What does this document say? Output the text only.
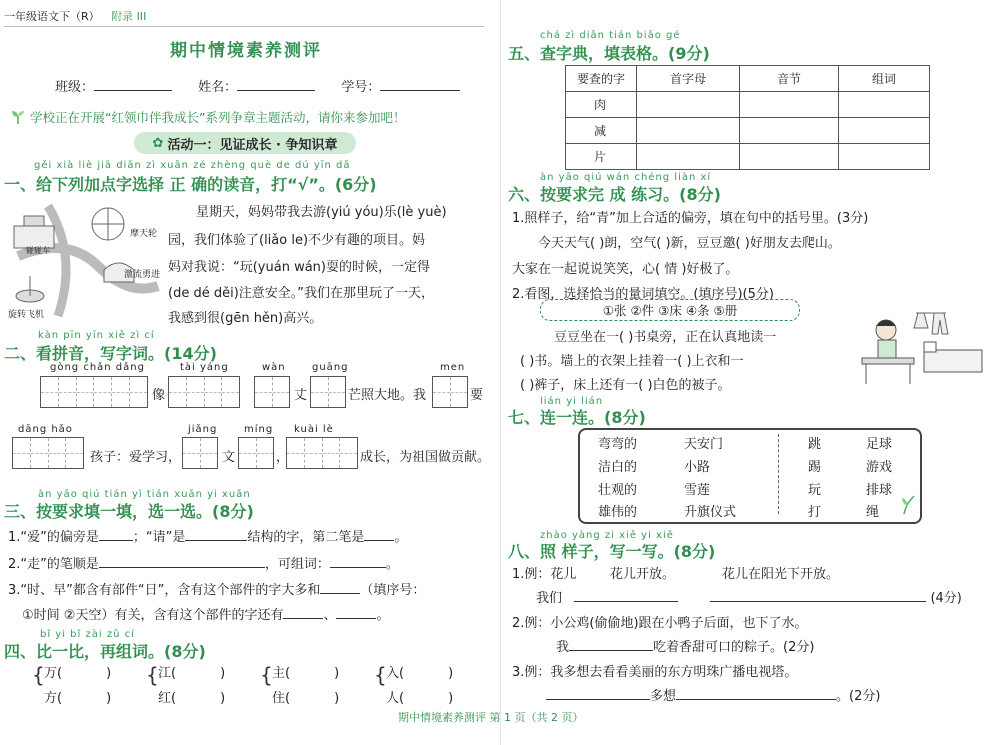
一年级语文下（R） 附录 III
期中情境素养测评
班级：	姓名：	学号：
学校正在开展“红领巾伴我成长”系列争章主题活动，请你来参加吧！
✿ 活动一：见证成长 · 争知识章
gěi xià liè jiā diǎn zì xuǎn zé zhèng què de dú yīn dǎ
一、给下列加点字选择 正 确的读音，打“√”。(6分)
碰碰车
摩天轮
激流勇进
旋转飞机
星期天，妈妈带我去游(yiú yóu)乐(lè yuè)
园，我们体验了(liǎo le)不少有趣的项目。妈
妈对我说：“玩(yuán wán)耍的时候，一定得
(de dé děi)注意安全。”我们在那里玩了一天，
我感到很(gēn hěn)高兴。
kàn pīn yīn xiě zì cí
二、看拼音，写字词。(14分)
gòng chǎn dǎng	tài yáng	wàn	guāng	men
像	丈	芒照大地。我	要
dāng hǎo	jiǎng	míng kuài lè
孩子：爱学习，	文	，	成长，为祖国做贡献。
àn yāo qiú tián yì tián xuǎn yi xuǎn
三、按要求填一填，选一选。(8分)
1.“爱”的偏旁是	；“请”是	结构的字，第二笔是 。
2.“走”的笔顺是	，可组词：	。
3.“时、早”都含有部件“日”，含有这个部件的字大多和	（填序号：
①时间 ②天空）有关，含有这个部件的字还有	、	。
bǐ yi bǐ zài zǔ cí
四、比一比，再组词。(8分)
{ 万(	)
方(	)
{ 江(	)
红(	)
{ 主(	)
住(	)
{ 入(	)
人(	)
chá zì diǎn tián biǎo gé
五、查字典，填表格。(9分)
要查的字	首字母	音节	组词
肉			
减			
片			
àn yāo qiú wán chéng liàn xí
六、按要求完 成 练习。(8分)
1.照样子，给“青”加上合适的偏旁，填在句中的括号里。(3分)
今天天气( )朗，空气( )新，豆豆邀( )好朋友去爬山。
大家在一起说说笑笑，心( 情 )好极了。
2.看图，选择恰当的量词填空。(填序号)(5分)
①张 ②件 ③床 ④条 ⑤册
豆豆坐在一( )书桌旁，正在认真地读一
( )书。墙上的衣架上挂着一( )上衣和一
( )裤子，床上还有一( )白色的被子。
lián yi lián
七、连一连。(8分)
弯弯的
洁白的
壮观的
雄伟的
天安门
小路
雪莲
升旗仪式
跳
踢
玩
打
足球
游戏
排球
绳
zhào yàng zi xiě yi xiě
八、照 样子，写一写。(8分)
1.例：花儿	花儿开放。	花儿在阳光下开放。
我们	(4分)
2.例：小公鸡(偷偷地)跟在小鸭子后面，也下了水。
我	吃着香甜可口的粽子。(2分)
3.例：我多想去看看美丽的东方明珠广播电视塔。
多想	。(2分)
期中情境素养测评 第 1 页（共 2 页）
